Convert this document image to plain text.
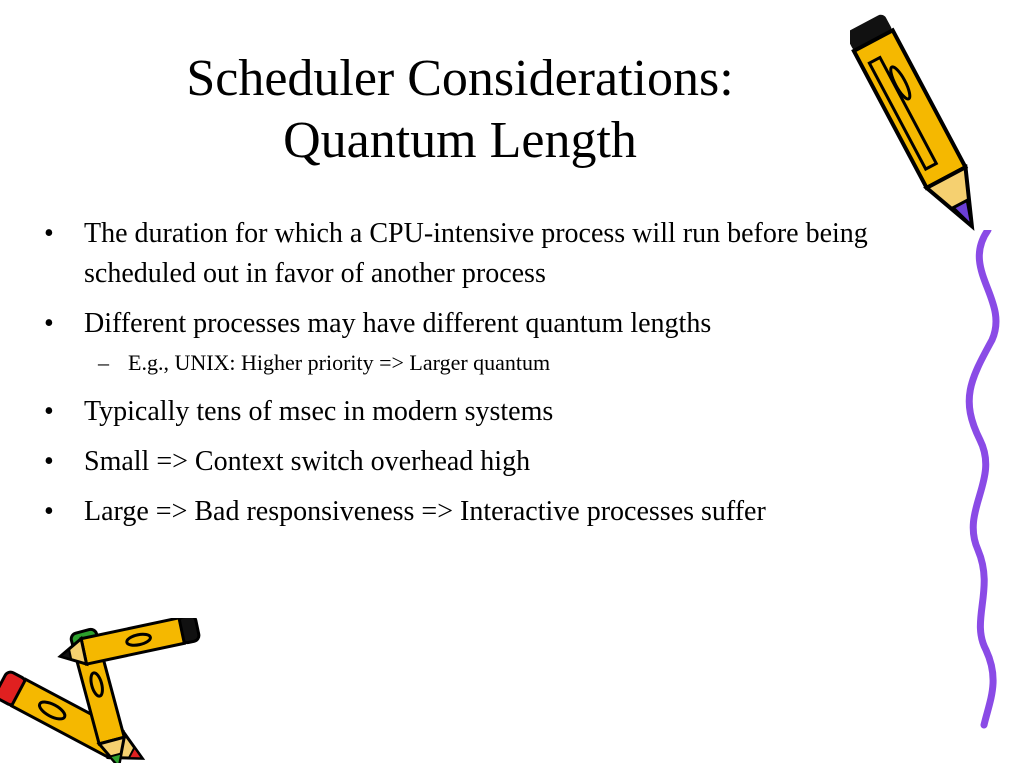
Scheduler Considerations:
Quantum Length
•	The duration for which a CPU-intensive process will run before being scheduled out in favor of another process
•	Different processes may have different quantum lengths
– E.g., UNIX: Higher priority => Larger quantum
•	Typically tens of msec in modern systems
•	Small => Context switch overhead high
•	Large => Bad responsiveness => Interactive processes suffer
